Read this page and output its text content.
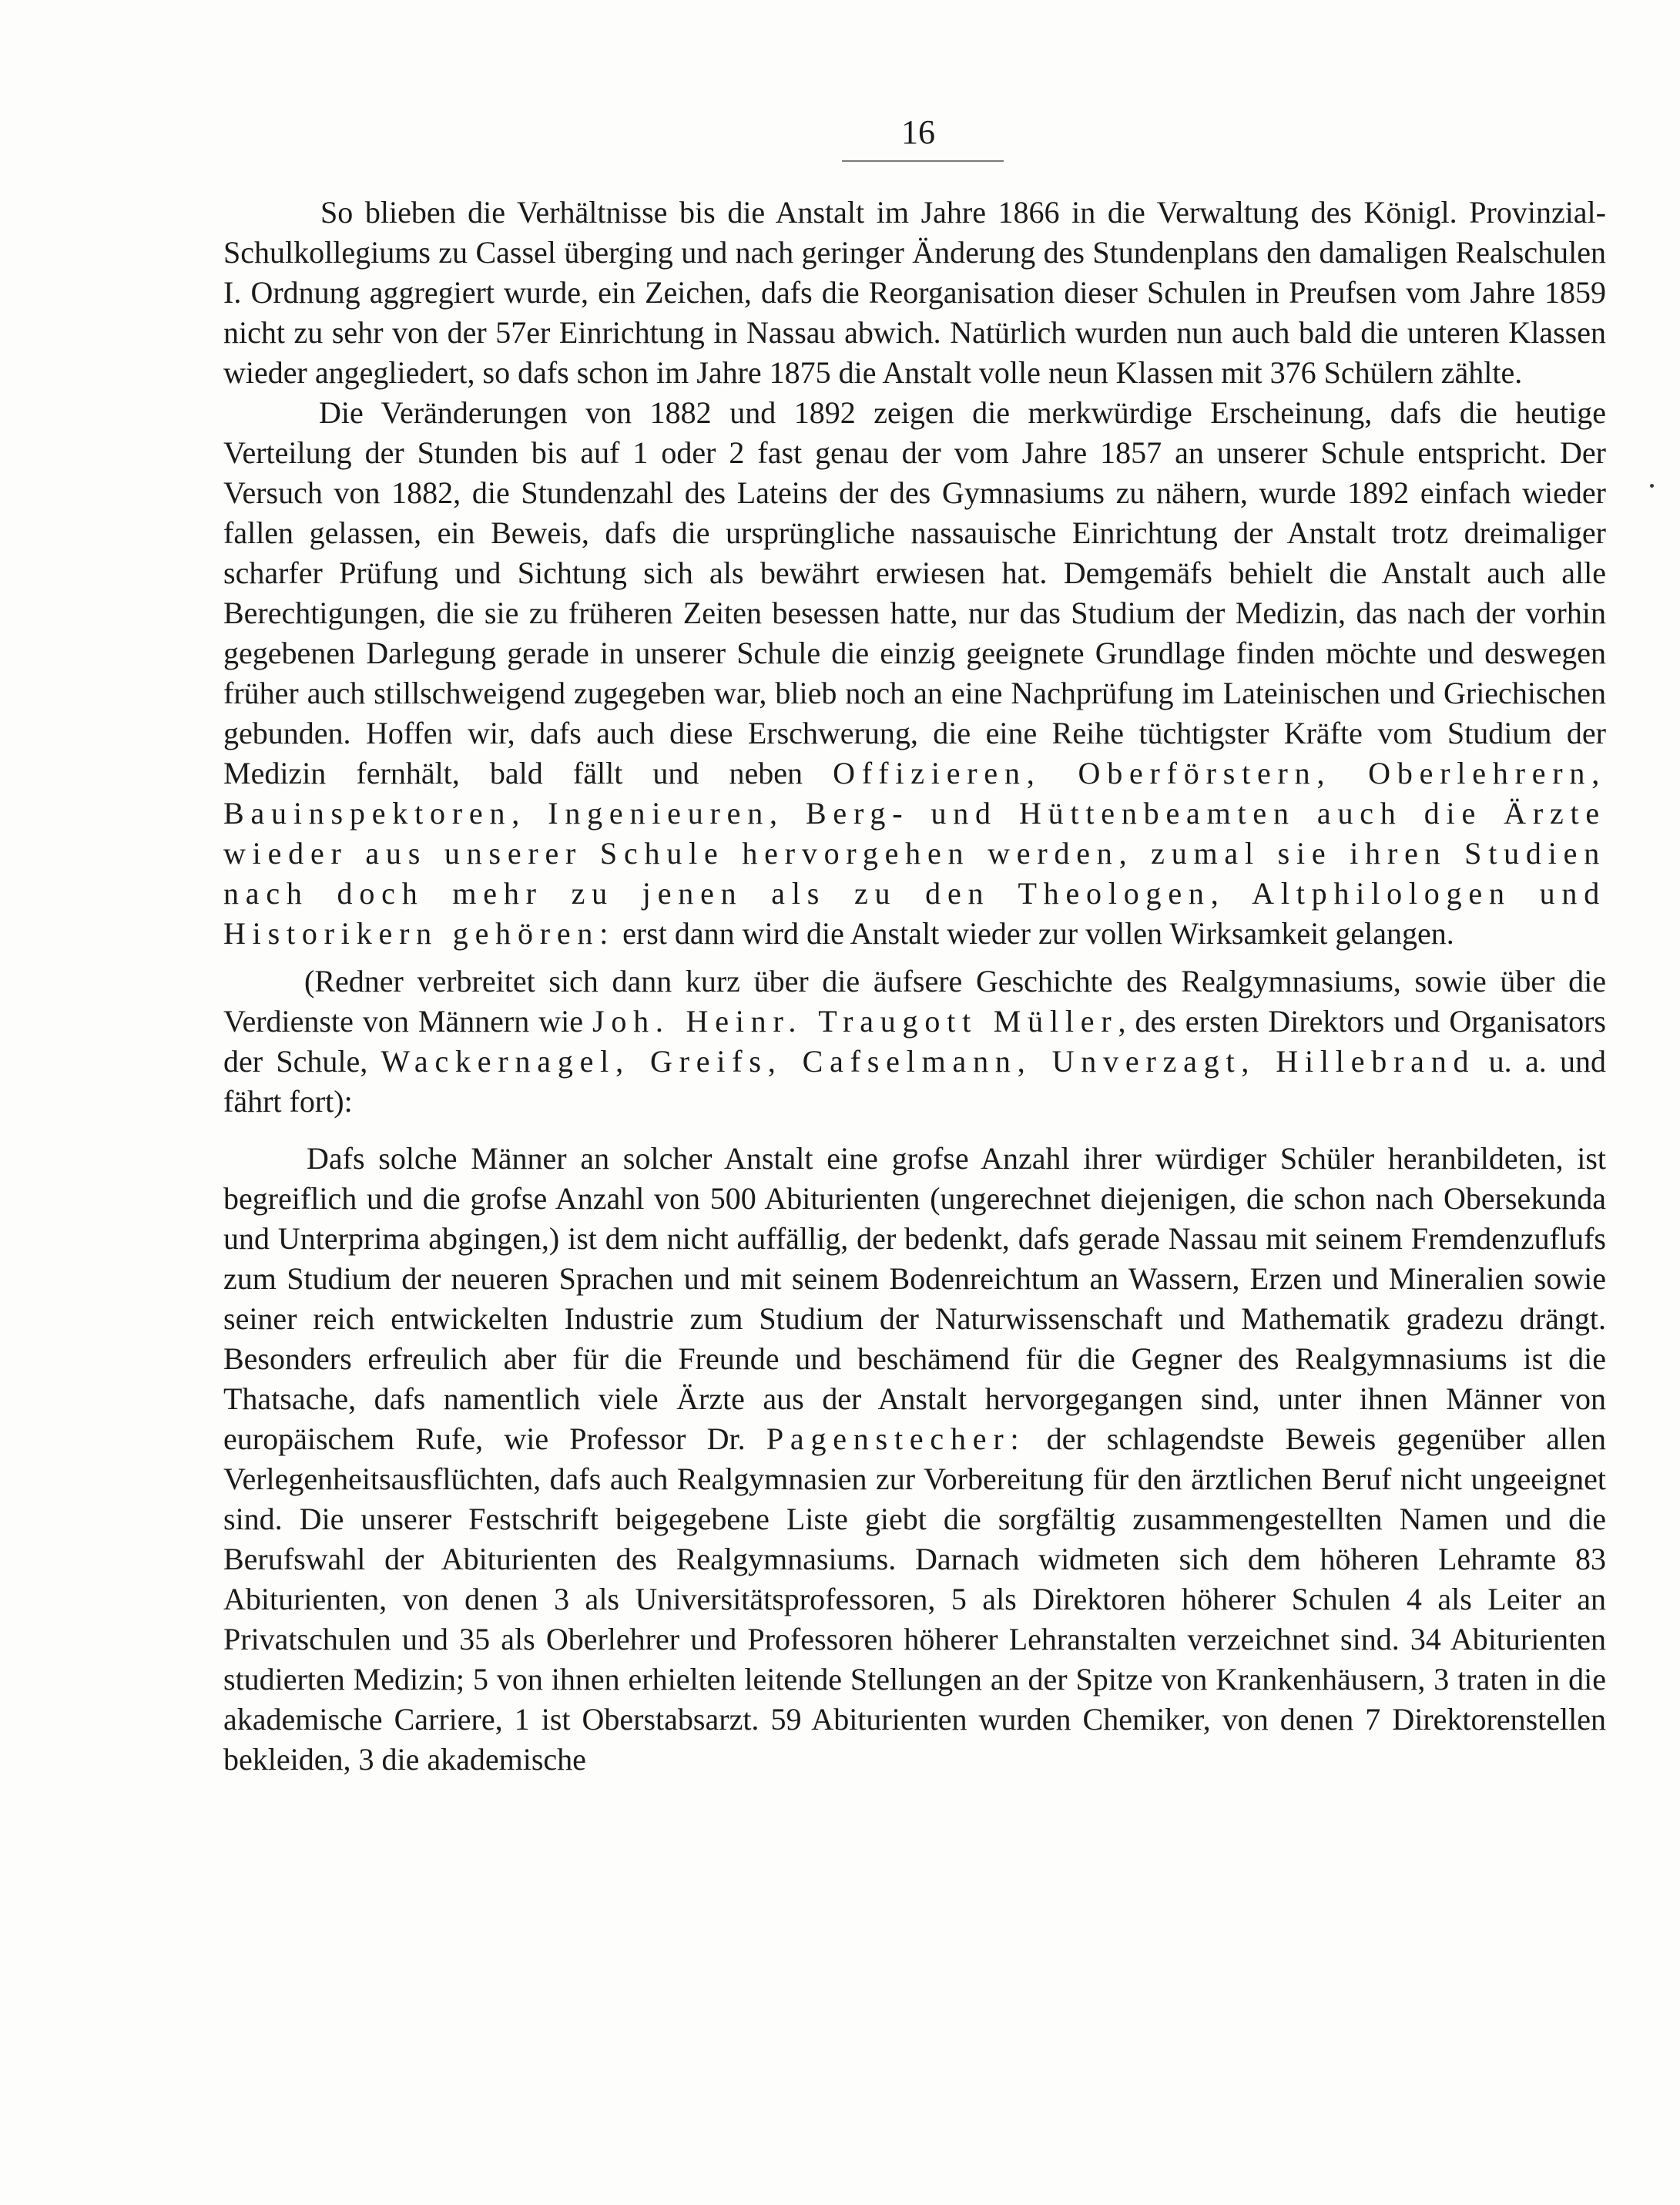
16

So blieben die Verhältnisse bis die Anstalt im Jahre 1866 in die Verwaltung des Königl. Provinzial-Schulkollegiums zu Cassel überging und nach geringer Änderung des Stundenplans den damaligen Realschulen I. Ordnung aggregiert wurde, ein Zeichen, dafs die Reorganisation dieser Schulen in Preufsen vom Jahre 1859 nicht zu sehr von der 57er Einrichtung in Nassau abwich. Natürlich wurden nun auch bald die unteren Klassen wieder angegliedert, so dafs schon im Jahre 1875 die Anstalt volle neun Klassen mit 376 Schülern zählte.

Die Veränderungen von 1882 und 1892 zeigen die merkwürdige Erscheinung, dafs die heutige Verteilung der Stunden bis auf 1 oder 2 fast genau der vom Jahre 1857 an unserer Schule entspricht. Der Versuch von 1882, die Stundenzahl des Lateins der des Gymnasiums zu nähern, wurde 1892 einfach wieder fallen gelassen, ein Beweis, dafs die ursprüngliche nassauische Einrichtung der Anstalt trotz dreimaliger scharfer Prüfung und Sichtung sich als bewährt erwiesen hat. Demgemäfs behielt die Anstalt auch alle Berechtigungen, die sie zu früheren Zeiten besessen hatte, nur das Studium der Medizin, das nach der vorhin gegebenen Darlegung gerade in unserer Schule die einzig geeignete Grundlage finden möchte und deswegen früher auch stillschweigend zugegeben war, blieb noch an eine Nachprüfung im Lateinischen und Griechischen gebunden. Hoffen wir, dafs auch diese Erschwerung, die eine Reihe tüchtigster Kräfte vom Studium der Medizin fernhält, bald fällt und neben Offizieren, Oberförstern, Oberlehrern, Bauinspektoren, Ingenieuren, Berg- und Hüttenbeamten auch die Ärzte wieder aus unserer Schule hervorgehen werden, zumal sie ihren Studien nach doch mehr zu jenen als zu den Theologen, Altphilologen und Historikern gehören: erst dann wird die Anstalt wieder zur vollen Wirksamkeit gelangen.

(Redner verbreitet sich dann kurz über die äufsere Geschichte des Realgymnasiums, sowie über die Verdienste von Männern wie Joh. Heinr. Traugott Müller, des ersten Direktors und Organisators der Schule, Wackernagel, Greifs, Cafselmann, Unverzagt, Hillebrand u. a. und fährt fort):

Dafs solche Männer an solcher Anstalt eine grofse Anzahl ihrer würdiger Schüler heranbildeten, ist begreiflich und die grofse Anzahl von 500 Abiturienten (ungerechnet diejenigen, die schon nach Obersekunda und Unterprima abgingen,) ist dem nicht auffällig, der bedenkt, dafs gerade Nassau mit seinem Fremdenzuflufs zum Studium der neueren Sprachen und mit seinem Bodenreichtum an Wassern, Erzen und Mineralien sowie seiner reich entwickelten Industrie zum Studium der Naturwissenschaft und Mathematik gradezu drängt. Besonders erfreulich aber für die Freunde und beschämend für die Gegner des Realgymnasiums ist die Thatsache, dafs namentlich viele Ärzte aus der Anstalt hervorgegangen sind, unter ihnen Männer von europäischem Rufe, wie Professor Dr. Pagenstecher: der schlagendste Beweis gegenüber allen Verlegenheitsausflüchten, dafs auch Realgymnasien zur Vorbereitung für den ärztlichen Beruf nicht ungeeignet sind. Die unserer Festschrift beigegebene Liste giebt die sorgfältig zusammengestellten Namen und die Berufswahl der Abiturienten des Realgymnasiums. Darnach widmeten sich dem höheren Lehramte 83 Abiturienten, von denen 3 als Universitätsprofessoren, 5 als Direktoren höherer Schulen 4 als Leiter an Privatschulen und 35 als Oberlehrer und Professoren höherer Lehranstalten verzeichnet sind. 34 Abiturienten studierten Medizin; 5 von ihnen erhielten leitende Stellungen an der Spitze von Krankenhäusern, 3 traten in die akademische Carriere, 1 ist Oberstabsarzt. 59 Abiturienten wurden Chemiker, von denen 7 Direktorenstellen bekleiden, 3 die akademische
